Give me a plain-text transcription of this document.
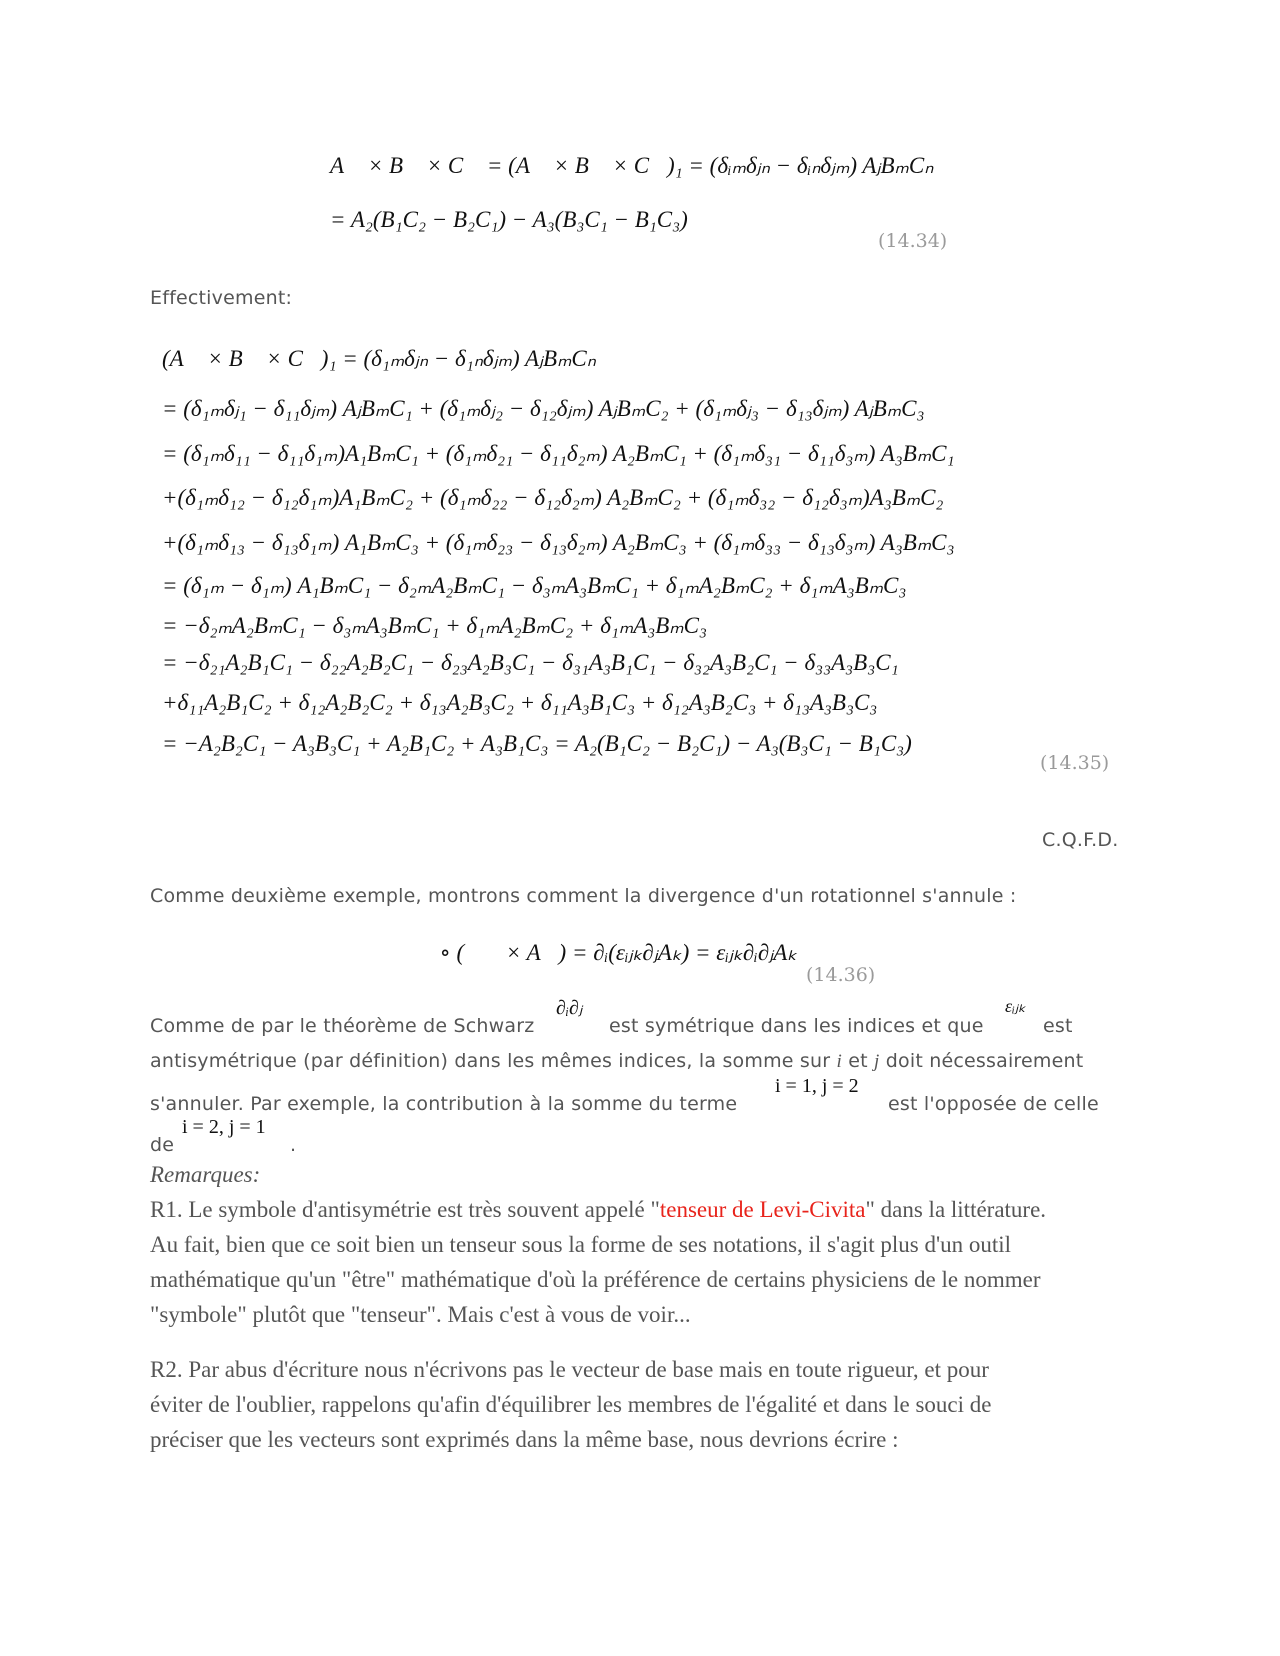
A⃗ × B⃗ × C⃗ = (A⃗ × B⃗ × C⃗)₁ = (δᵢₘδⱼₙ − δᵢₙδⱼₘ) AⱼBₘCₙ
= A₂(B₁C₂ − B₂C₁) − A₃(B₃C₁ − B₁C₃)
(14.34)
Effectivement:
(A⃗ × B⃗ × C⃗)₁ = (δ₁ₘδⱼₙ − δ₁ₙδⱼₘ) AⱼBₘCₙ
= (δ₁ₘδⱼ₁ − δ₁₁δⱼₘ) AⱼBₘC₁ + (δ₁ₘδⱼ₂ − δ₁₂δⱼₘ) AⱼBₘC₂ + (δ₁ₘδⱼ₃ − δ₁₃δⱼₘ) AⱼBₘC₃
= (δ₁ₘδ₁₁ − δ₁₁δ₁ₘ)A₁BₘC₁ + (δ₁ₘδ₂₁ − δ₁₁δ₂ₘ) A₂BₘC₁ + (δ₁ₘδ₃₁ − δ₁₁δ₃ₘ) A₃BₘC₁
+(δ₁ₘδ₁₂ − δ₁₂δ₁ₘ)A₁BₘC₂ + (δ₁ₘδ₂₂ − δ₁₂δ₂ₘ) A₂BₘC₂ + (δ₁ₘδ₃₂ − δ₁₂δ₃ₘ)A₃BₘC₂
+(δ₁ₘδ₁₃ − δ₁₃δ₁ₘ) A₁BₘC₃ + (δ₁ₘδ₂₃ − δ₁₃δ₂ₘ) A₂BₘC₃ + (δ₁ₘδ₃₃ − δ₁₃δ₃ₘ) A₃BₘC₃
= (δ₁ₘ − δ₁ₘ) A₁BₘC₁ − δ₂ₘA₂BₘC₁ − δ₃ₘA₃BₘC₁ + δ₁ₘA₂BₘC₂ + δ₁ₘA₃BₘC₃
= −δ₂ₘA₂BₘC₁ − δ₃ₘA₃BₘC₁ + δ₁ₘA₂BₘC₂ + δ₁ₘA₃BₘC₃
= −δ₂₁A₂B₁C₁ − δ₂₂A₂B₂C₁ − δ₂₃A₂B₃C₁ − δ₃₁A₃B₁C₁ − δ₃₂A₃B₂C₁ − δ₃₃A₃B₃C₁
+δ₁₁A₂B₁C₂ + δ₁₂A₂B₂C₂ + δ₁₃A₂B₃C₂ + δ₁₁A₃B₁C₃ + δ₁₂A₃B₂C₃ + δ₁₃A₃B₃C₃
= −A₂B₂C₁ − A₃B₃C₁ + A₂B₁C₂ + A₃B₁C₃ = A₂(B₁C₂ − B₂C₁) − A₃(B₃C₁ − B₁C₃)
(14.35)
C.Q.F.D.
Comme deuxième exemple, montrons comment la divergence d'un rotationnel s'annule :
∇⃗ ∘ (∇⃗ × A⃗) = ∂ᵢ(εᵢⱼₖ∂ⱼAₖ) = εᵢⱼₖ∂ᵢ∂ⱼAₖ
(14.36)
Comme de par le théorème de Schwarz
∂ᵢ∂ⱼ
est symétrique dans les indices et que
εᵢⱼₖ
est
antisymétrique (par définition) dans les mêmes indices, la somme sur i et j doit nécessairement
s'annuler. Par exemple, la contribution à la somme du terme
i = 1, j = 2
est l'opposée de celle
de
i = 2, j = 1
.
Remarques:
R1. Le symbole d'antisymétrie est très souvent appelé "tenseur de Levi-Civita" dans la littérature.
Au fait, bien que ce soit bien un tenseur sous la forme de ses notations, il s'agit plus d'un outil
mathématique qu'un "être" mathématique d'où la préférence de certains physiciens de le nommer
"symbole" plutôt que "tenseur". Mais c'est à vous de voir...
R2. Par abus d'écriture nous n'écrivons pas le vecteur de base mais en toute rigueur, et pour
éviter de l'oublier, rappelons qu'afin d'équilibrer les membres de l'égalité et dans le souci de
préciser que les vecteurs sont exprimés dans la même base, nous devrions écrire :
